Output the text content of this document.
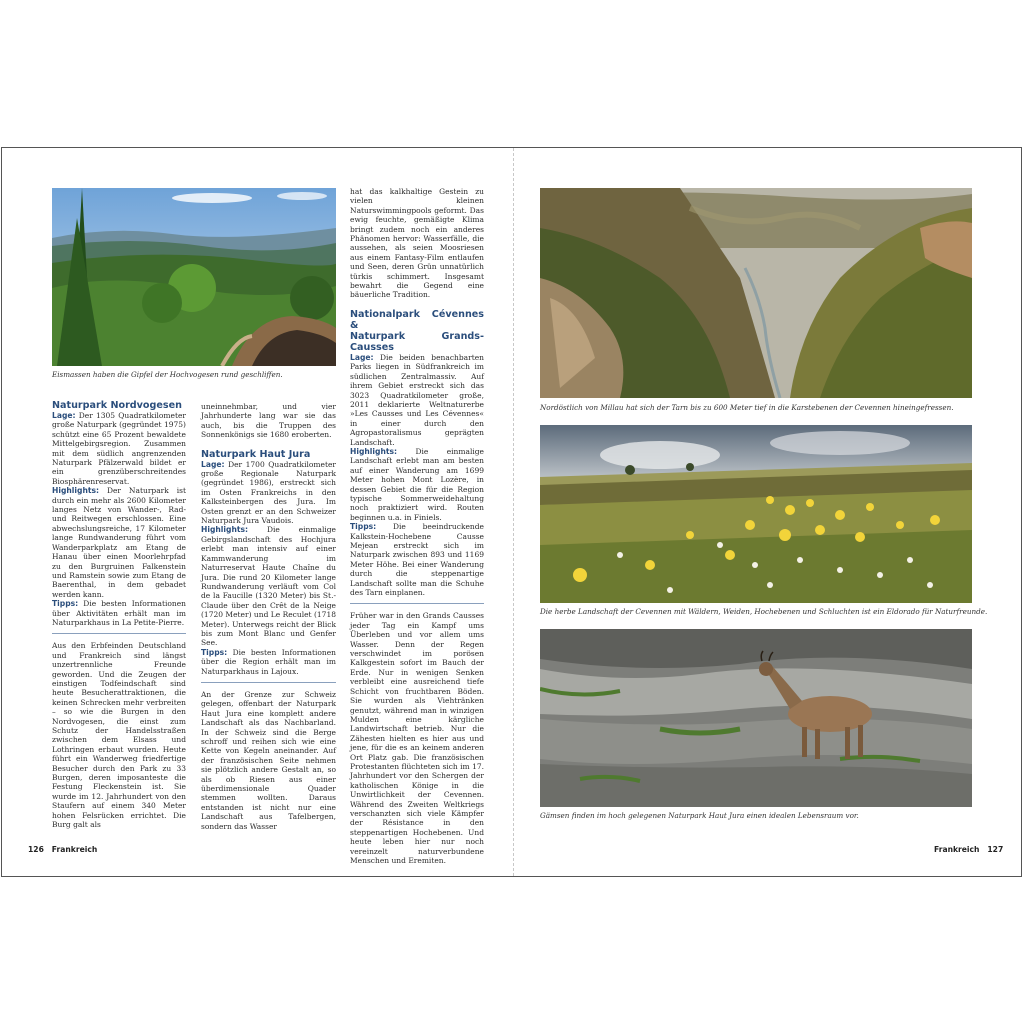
Eismassen haben die Gipfel der Hochvogesen rund geschliffen.

Naturpark Nordvogesen

Lage: Der 1305 Quadratkilometer große Naturpark (gegründet 1975) schützt eine 65 Prozent bewaldete Mittelgebirgsregion. Zusammen mit dem südlich angrenzenden Naturpark Pfälzerwald bildet er ein grenzüberschreitendes Biosphärenreservat.

Highlights: Der Naturpark ist durch ein mehr als 2600 Kilometer langes Netz von Wander-, Rad- und Reitwegen erschlossen. Eine abwechslungsreiche, 17 Kilometer lange Rundwanderung führt vom Wanderparkplatz am Etang de Hanau über einen Moorlehrpfad zu den Burgruinen Falkenstein und Ramstein sowie zum Etang de Baerenthal, in dem gebadet werden kann.

Tipps: Die besten Informationen über Aktivitäten erhält man im Naturparkhaus in La Petite-Pierre.

Aus den Erbfeinden Deutschland und Frankreich sind längst unzertrennliche Freunde geworden. Und die Zeugen der einstigen Todfeindschaft sind heute Besucherattraktionen, die keinen Schrecken mehr verbreiten – so wie die Burgen in den Nordvogesen, die einst zum Schutz der Handelsstraßen zwischen dem Elsass und Lothringen erbaut wurden. Heute führt ein Wanderweg friedfertige Besucher durch den Park zu 33 Burgen, deren imposanteste die Festung Fleckenstein ist. Sie wurde im 12. Jahrhundert von den Staufern auf einem 340 Meter hohen Felsrücken errichtet. Die Burg galt als

uneinnehmbar, und vier Jahrhunderte lang war sie das auch, bis die Truppen des Sonnenkönigs sie 1680 eroberten.

Naturpark Haut Jura

Lage: Der 1700 Quadratkilometer große Regionale Naturpark (gegründet 1986), erstreckt sich im Osten Frankreichs in den Kalksteinbergen des Jura. Im Osten grenzt er an den Schweizer Naturpark Jura Vaudois.

Highlights: Die einmalige Gebirgslandschaft des Hochjura erlebt man intensiv auf einer Kammwanderung im Naturreservat Haute Chaîne du Jura. Die rund 20 Kilometer lange Rundwanderung verläuft vom Col de la Faucille (1320 Meter) bis St.-Claude über den Crêt de la Neige (1720 Meter) und Le Reculet (1718 Meter). Unterwegs reicht der Blick bis zum Mont Blanc und Genfer See.

Tipps: Die besten Informationen über die Region erhält man im Naturparkhaus in Lajoux.

An der Grenze zur Schweiz gelegen, offenbart der Naturpark Haut Jura eine komplett andere Landschaft als das Nachbarland. In der Schweiz sind die Berge schroff und reihen sich wie eine Kette von Kegeln aneinander. Auf der französischen Seite nehmen sie plötzlich andere Gestalt an, so als ob Riesen aus einer überdimensionale Quader stemmen wollten. Daraus entstanden ist nicht nur eine Landschaft aus Tafelbergen, sondern das Wasser

hat das kalkhaltige Gestein zu vielen kleinen Naturswimmingpools geformt. Das ewig feuchte, gemäßigte Klima bringt zudem noch ein anderes Phänomen hervor: Wasserfälle, die aussehen, als seien Moosriesen aus einem Fantasy-Film entlaufen und Seen, deren Grün unnatürlich türkis schimmert. Insgesamt bewahrt die Gegend eine bäuerliche Tradition.

Nationalpark Cévennes &

Naturpark Grands-Causses

Lage: Die beiden benachbarten Parks liegen in Südfrankreich im südlichen Zentralmassiv. Auf ihrem Gebiet erstreckt sich das 3023 Quadratkilometer große, 2011 deklarierte Weltnaturerbe »Les Causses und Les Cévennes« in einer durch den Agropastoralismus geprägten Landschaft.

Highlights: Die einmalige Landschaft erlebt man am besten auf einer Wanderung am 1699 Meter hohen Mont Lozère, in dessen Gebiet die für die Region typische Sommerweidehaltung noch praktiziert wird. Routen beginnen u.a. in Finiels.

Tipps: Die beeindruckende Kalkstein-Hochebene Causse Mejean erstreckt sich im Naturpark zwischen 893 und 1169 Meter Höhe. Bei einer Wanderung durch die steppenartige Landschaft sollte man die Schuhe des Tarn einplanen.

Früher war in den Grands Causses jeder Tag ein Kampf ums Überleben und vor allem ums Wasser. Denn der Regen verschwindet im porösen Kalkgestein sofort im Bauch der Erde. Nur in wenigen Senken verbleibt eine ausreichend tiefe Schicht von fruchtbaren Böden. Sie wurden als Viehtränken genutzt, während man in winzigen Mulden eine kärgliche Landwirtschaft betrieb. Nur die Zähesten hielten es hier aus und jene, für die es an keinem anderen Ort Platz gab. Die französischen Protestanten flüchteten sich im 17. Jahrhundert vor den Schergen der katholischen Könige in die Unwirtlichkeit der Cevennen. Während des Zweiten Weltkriegs verschanzten sich viele Kämpfer der Résistance in den steppenartigen Hochebenen. Und heute leben hier nur noch vereinzelt naturverbundene Menschen und Eremiten.

126 Frankreich
Nordöstlich von Millau hat sich der Tarn bis zu 600 Meter tief in die Karstebenen der Cevennen hineingefressen.
Die herbe Landschaft der Cevennen mit Wäldern, Weiden, Hochebenen und Schluchten ist ein Eldorado für Naturfreunde.
Gämsen finden im hoch gelegenen Naturpark Haut Jura einen idealen Lebensraum vor.
Frankreich 127
